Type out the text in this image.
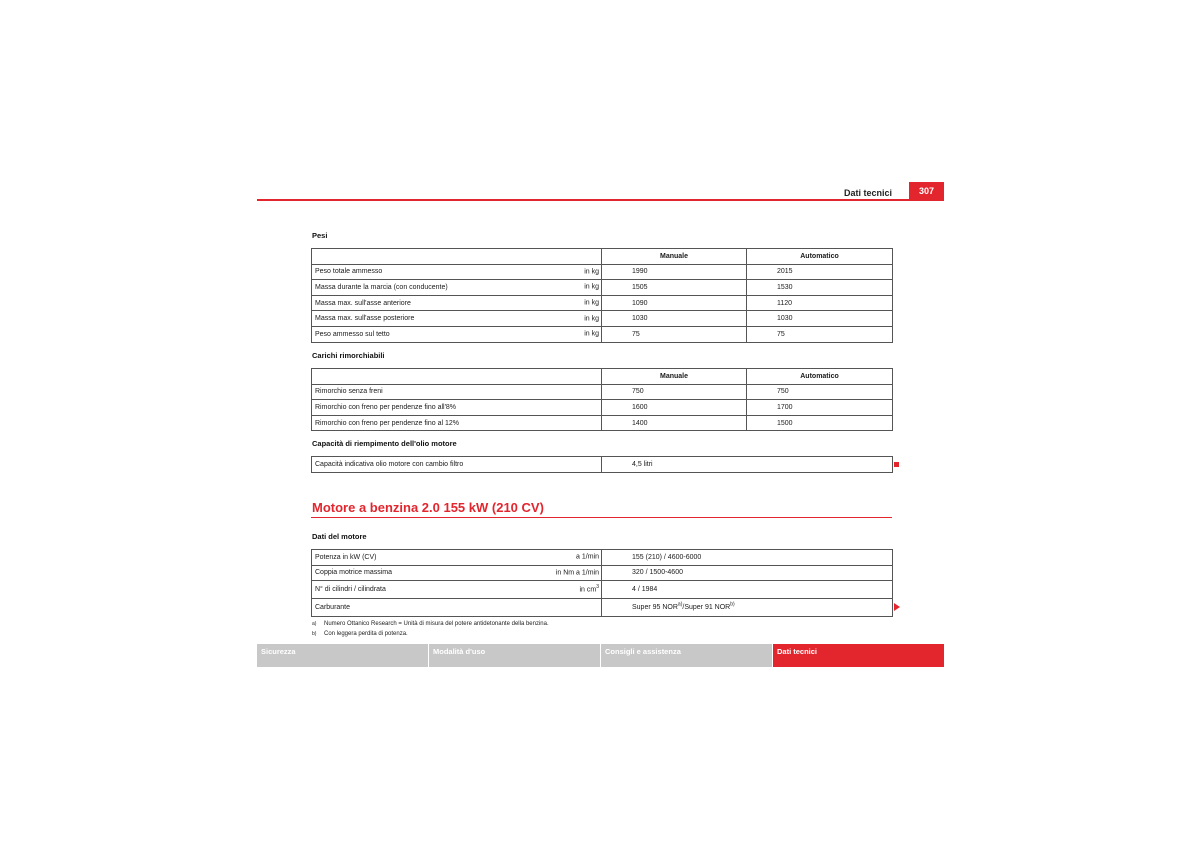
Dati tecnici	307
Pesi
	Manuale	Automatico
Peso totale ammesso in kg	1990	2015
Massa durante la marcia (con conducente) in kg	1505	1530
Massa max. sull'asse anteriore in kg	1090	1120
Massa max. sull'asse posteriore in kg	1030	1030
Peso ammesso sul tetto in kg	75	75
Carichi rimorchiabili
	Manuale	Automatico
Rimorchio senza freni	750	750
Rimorchio con freno per pendenze fino all'8%	1600	1700
Rimorchio con freno per pendenze fino al 12%	1400	1500
Capacità di riempimento dell'olio motore
Capacità indicativa olio motore con cambio filtro	4,5 litri
Motore a benzina 2.0 155 kW (210 CV)
Dati del motore
Potenza in kW (CV) a 1/min	155 (210) / 4600-6000
Coppia motrice massima in Nm a 1/min	320 / 1500-4600
N° di cilindri / cilindrata in $cm^3$	4 / 1984
Carburante	Super 95 NOR$^{a)}$/Super 91 NOR$^{b)}$
a) Numero Ottanico Research = Unità di misura del potere antidetonante della benzina.
b) Con leggera perdita di potenza.
Sicurezza	Modalità d'uso	Consigli e assistenza	Dati tecnici
